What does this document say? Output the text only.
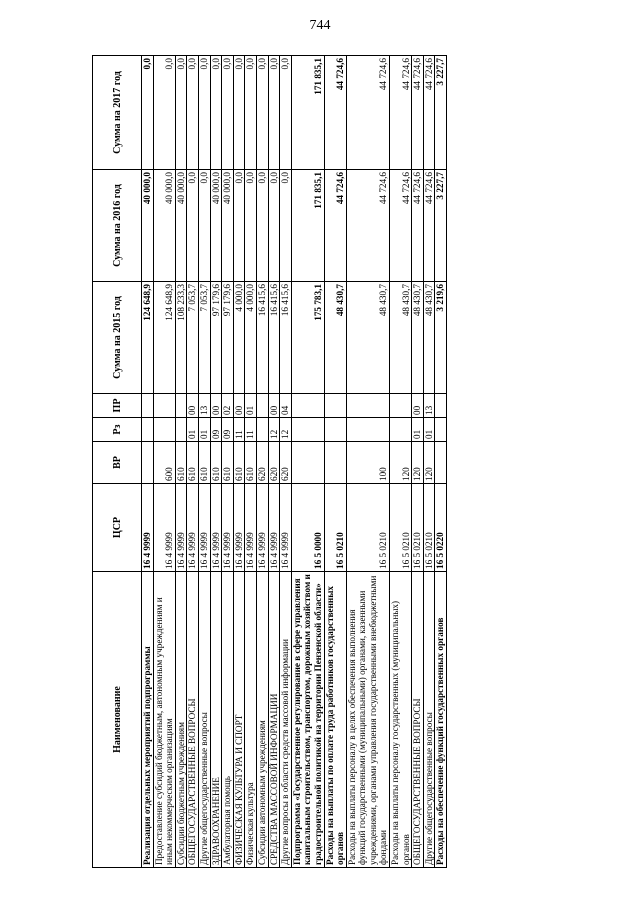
744
Наименование	ЦСР	ВР	Рз	ПР	Сумма на 2015 год	Сумма на 2016 год	Сумма на 2017 год
Реализация отдельных мероприятий подпрограммы	16 4 9999				124 648,9	40 000,0	0,0
Предоставление субсидий бюджетным, автономным учреждениям и иным некоммерческим организациям	16 4 9999	600			124 648,9	40 000,0	0,0
Субсидии бюджетным учреждениям	16 4 9999	610			108 233,3	40 000,0	0,0
ОБЩЕГОСУДАРСТВЕННЫЕ ВОПРОСЫ	16 4 9999	610	01	00	7 053,7	0,0	0,0
Другие общегосударственные вопросы	16 4 9999	610	01	13	7 053,7	0,0	0,0
ЗДРАВООХРАНЕНИЕ	16 4 9999	610	09	00	97 179,6	40 000,0	0,0
Амбулаторная помощь	16 4 9999	610	09	02	97 179,6	40 000,0	0,0
ФИЗИЧЕСКАЯ КУЛЬТУРА И СПОРТ	16 4 9999	610	11	00	4 000,0	0,0	0,0
Физическая культура	16 4 9999	610	11	01	4 000,0	0,0	0,0
Субсидии автономным учреждениям	16 4 9999	620			16 415,6	0,0	0,0
СРЕДСТВА МАССОВОЙ ИНФОРМАЦИИ	16 4 9999	620	12	00	16 415,6	0,0	0,0
Другие вопросы в области средств массовой информации	16 4 9999	620	12	04	16 415,6	0,0	0,0
Подпрограмма «Государственное регулирование в сфере управления капитальным строительством, транспортом, дорожным хозяйством и градостроительной политикой на территории Пензенской области»	16 5 0000				175 783,1	171 835,1	171 835,1
Расходы на выплаты по оплате труда работников государственных органов	16 5 0210				48 430,7	44 724,6	44 724,6
Расходы на выплаты персоналу в целях обеспечения выполнения функций государственными (муниципальными) органами, казенными учреждениями, органами управления государственными внебюджетными фондами	16 5 0210	100			48 430,7	44 724,6	44 724,6
Расходы на выплаты персоналу государственных (муниципальных) органов	16 5 0210	120			48 430,7	44 724,6	44 724,6
ОБЩЕГОСУДАРСТВЕННЫЕ ВОПРОСЫ	16 5 0210	120	01	00	48 430,7	44 724,6	44 724,6
Другие общегосударственные вопросы	16 5 0210	120	01	13	48 430,7	44 724,6	44 724,6
Расходы на обеспечение функций государственных органов	16 5 0220				3 219,6	3 227,7	3 227,7
